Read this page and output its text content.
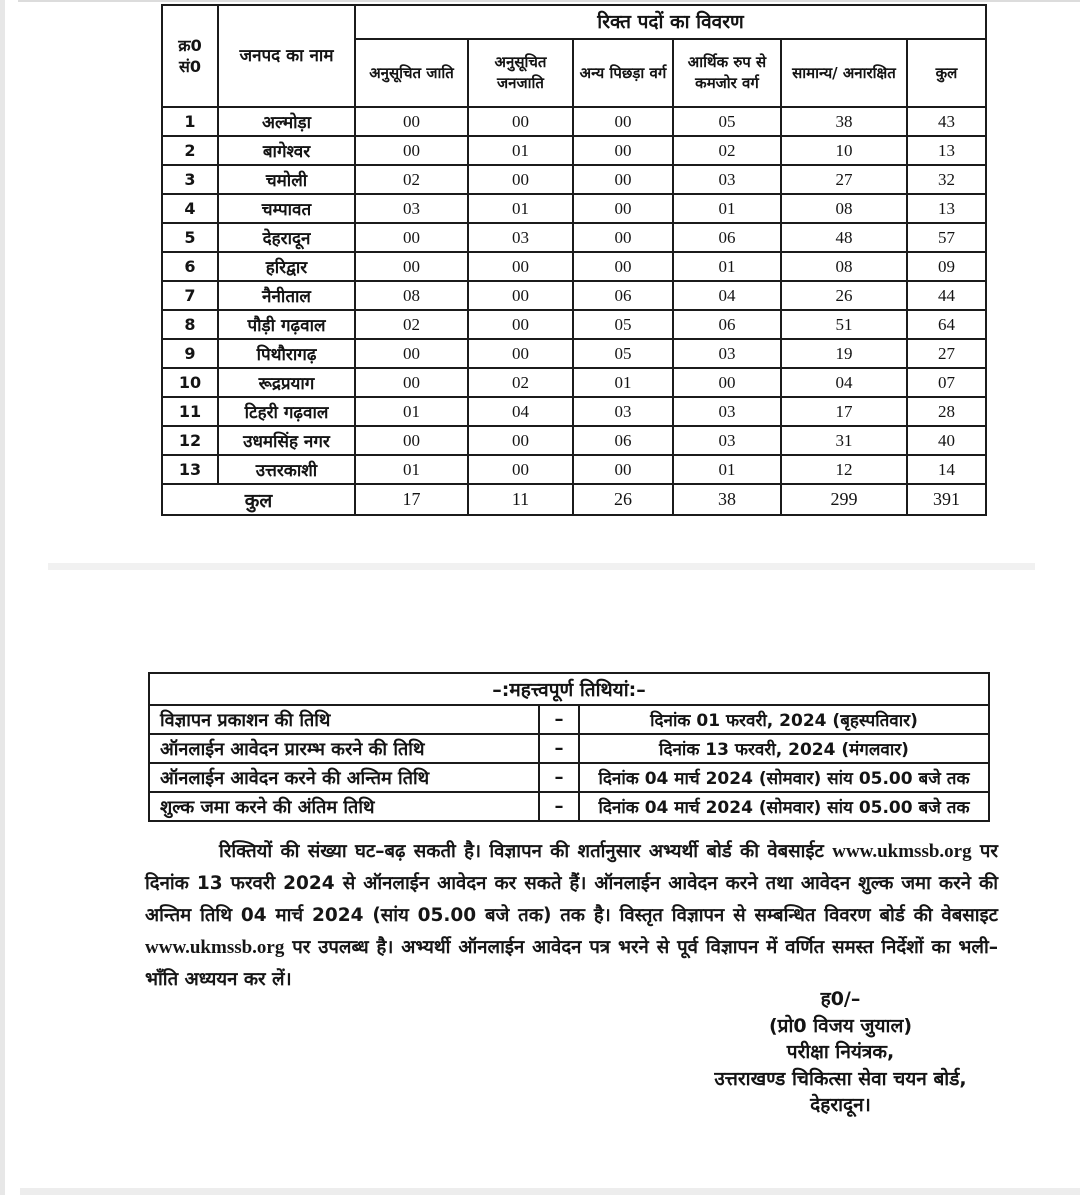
क्र0 सं0	जनपद का नाम	रिक्त पदों का विवरण					
		अनुसूचित जाति	अनुसूचित जनजाति	अन्य पिछड़ा वर्ग	आर्थिक रुप से कमजोर वर्ग	सामान्य/ अनारक्षित	कुल
1	अल्मोड़ा	00	00	00	05	38	43
2	बागेश्वर	00	01	00	02	10	13
3	चमोली	02	00	00	03	27	32
4	चम्पावत	03	01	00	01	08	13
5	देहरादून	00	03	00	06	48	57
6	हरिद्वार	00	00	00	01	08	09
7	नैनीताल	08	00	06	04	26	44
8	पौड़ी गढ़वाल	02	00	05	06	51	64
9	पिथौरागढ़	00	00	05	03	19	27
10	रूद्रप्रयाग	00	02	01	00	04	07
11	टिहरी गढ़वाल	01	04	03	03	17	28
12	उधमसिंह नगर	00	00	06	03	31	40
13	उत्तरकाशी	01	00	00	01	12	14
कुल		17	11	26	38	299	391
–:महत्त्वपूर्ण तिथियां:–		
विज्ञापन प्रकाशन की तिथि	–	दिनांक 01 फरवरी, 2024 (बृहस्पतिवार)
ऑनलाईन आवेदन प्रारम्भ करने की तिथि	–	दिनांक 13 फरवरी, 2024 (मंगलवार)
ऑनलाईन आवेदन करने की अन्तिम तिथि	–	दिनांक 04 मार्च 2024 (सोमवार) सांय 05.00 बजे तक
शुल्क जमा करने की अंतिम तिथि	–	दिनांक 04 मार्च 2024 (सोमवार) सांय 05.00 बजे तक
रिक्तियों की संख्या घट–बढ़ सकती है। विज्ञापन की शर्तानुसार अभ्यर्थी बोर्ड की वेबसाईट www.ukmssb.org पर दिनांक 13 फरवरी 2024 से ऑनलाईन आवेदन कर सकते हैं। ऑनलाईन आवेदन करने तथा आवेदन शुल्क जमा करने की अन्तिम तिथि 04 मार्च 2024 (सांय 05.00 बजे तक) तक है। विस्तृत विज्ञापन से सम्बन्धित विवरण बोर्ड की वेबसाइट www.ukmssb.org पर उपलब्ध है। अभ्यर्थी ऑनलाईन आवेदन पत्र भरने से पूर्व विज्ञापन में वर्णित समस्त निर्देशों का भली–भाँति अध्ययन कर लें।
ह0/–
(प्रो0 विजय जुयाल)
परीक्षा नियंत्रक,
उत्तराखण्ड चिकित्सा सेवा चयन बोर्ड,
देहरादून।
